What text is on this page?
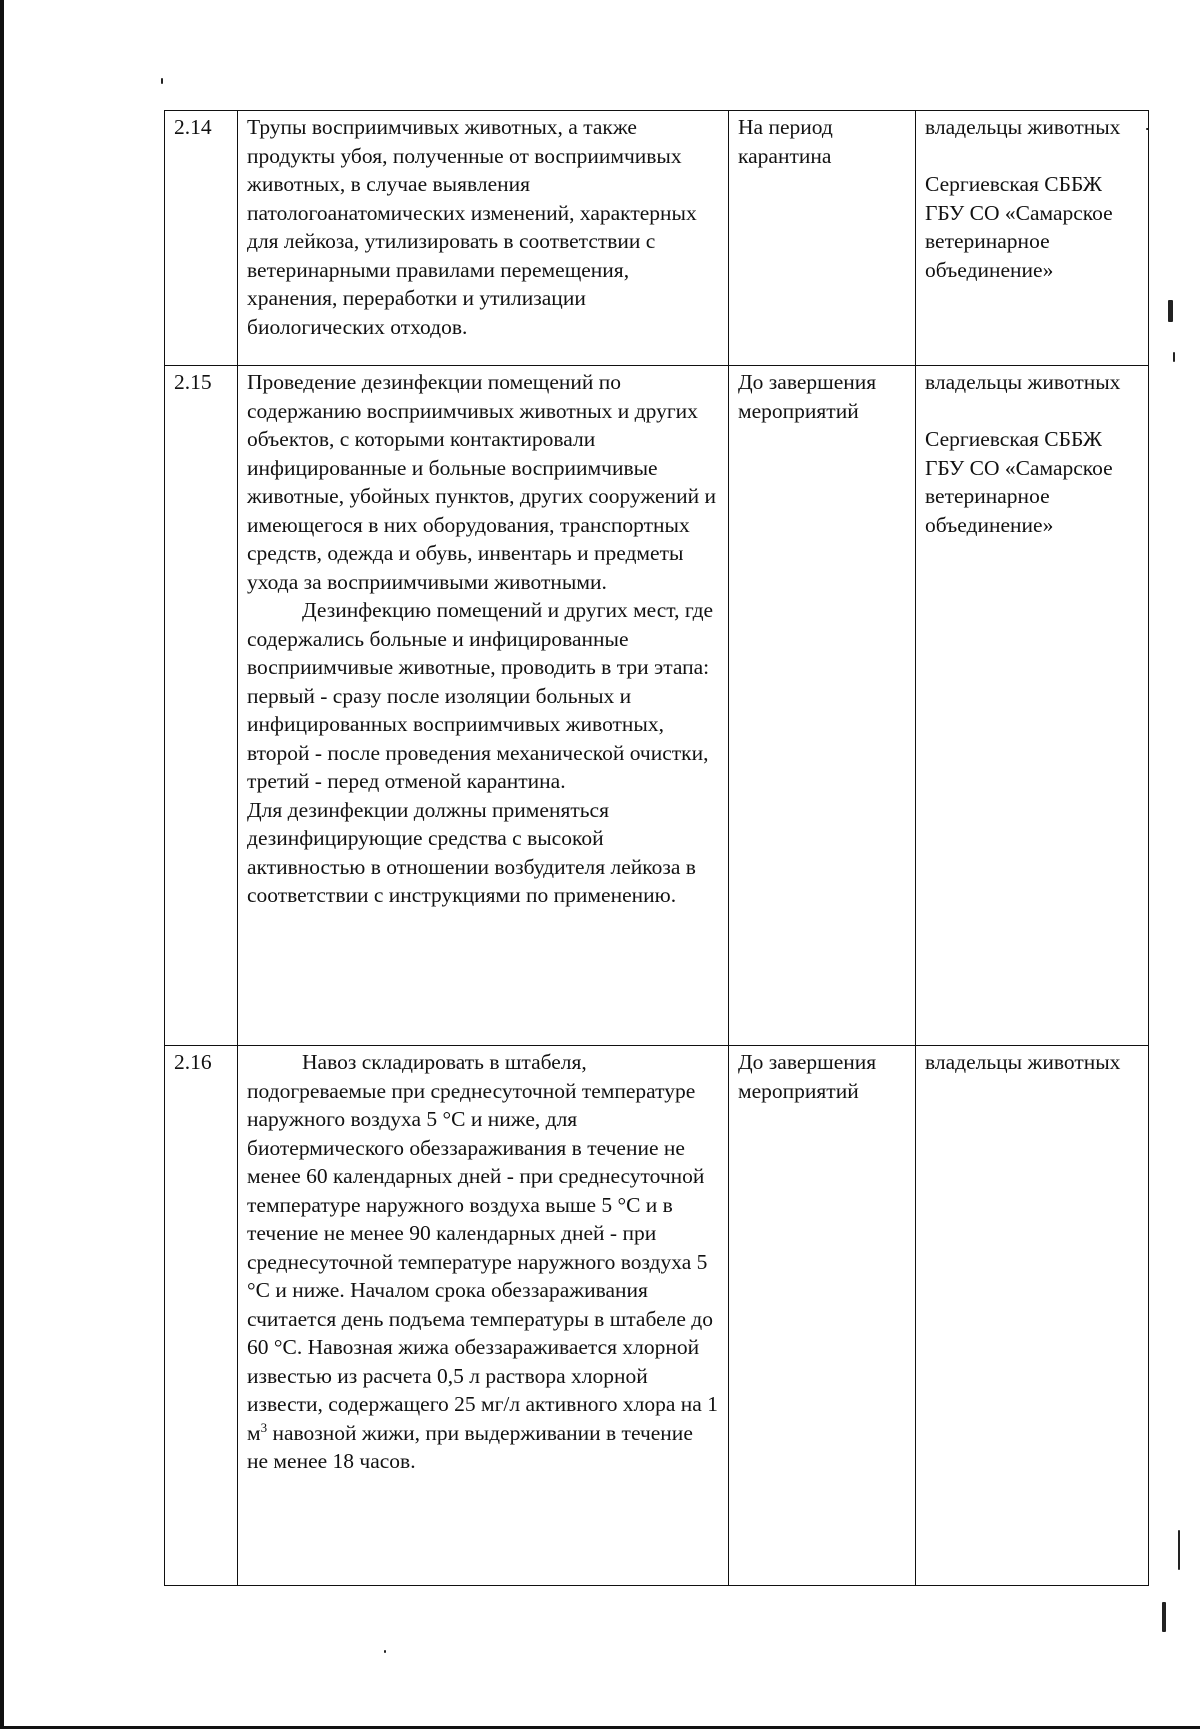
2.14	Трупы восприимчивых животных, а также продукты убоя, полученные от восприимчивых животных, в случае выявления патологоанатомических изменений, характерных для лейкоза, утилизировать в соответствии с ветеринарными правилами перемещения, хранения, переработки и утилизации биологических отходов.	На период карантина	владельцы животных
Сергиевская СББЖ ГБУ СО «Самарское ветеринарное объединение»

2.15	Проведение дезинфекции помещений по содержанию восприимчивых животных и других объектов, с которыми контактировали инфицированные и больные восприимчивые животные, убойных пунктов, других сооружений и имеющегося в них оборудования, транспортных средств, одежда и обувь, инвентарь и предметы ухода за восприимчивыми животными.
Дезинфекцию помещений и других мест, где содержались больные и инфицированные восприимчивые животные, проводить в три этапа: первый - сразу после изоляции больных и инфицированных восприимчивых животных, второй - после проведения механической очистки, третий - перед отменой карантина.
Для дезинфекции должны применяться дезинфицирующие средства с высокой активностью в отношении возбудителя лейкоза в соответствии с инструкциями по применению.	До завершения мероприятий	владельцы животных
Сергиевская СББЖ ГБУ СО «Самарское ветеринарное объединение»

2.16	Навоз складировать в штабеля, подогреваемые при среднесуточной температуре наружного воздуха 5 °С и ниже, для биотермического обеззараживания в течение не менее 60 календарных дней - при среднесуточной температуре наружного воздуха выше 5 °С и в течение не менее 90 календарных дней - при среднесуточной температуре наружного воздуха 5 °С и ниже. Началом срока обеззараживания считается день подъема температуры в штабеле до 60 °С. Навозная жижа обеззараживается хлорной известью из расчета 0,5 л раствора хлорной извести, содержащего 25 мг/л активного хлора на 1 $м^3$ навозной жижи, при выдерживании в течение не менее 18 часов.	До завершения мероприятий	владельцы животных
